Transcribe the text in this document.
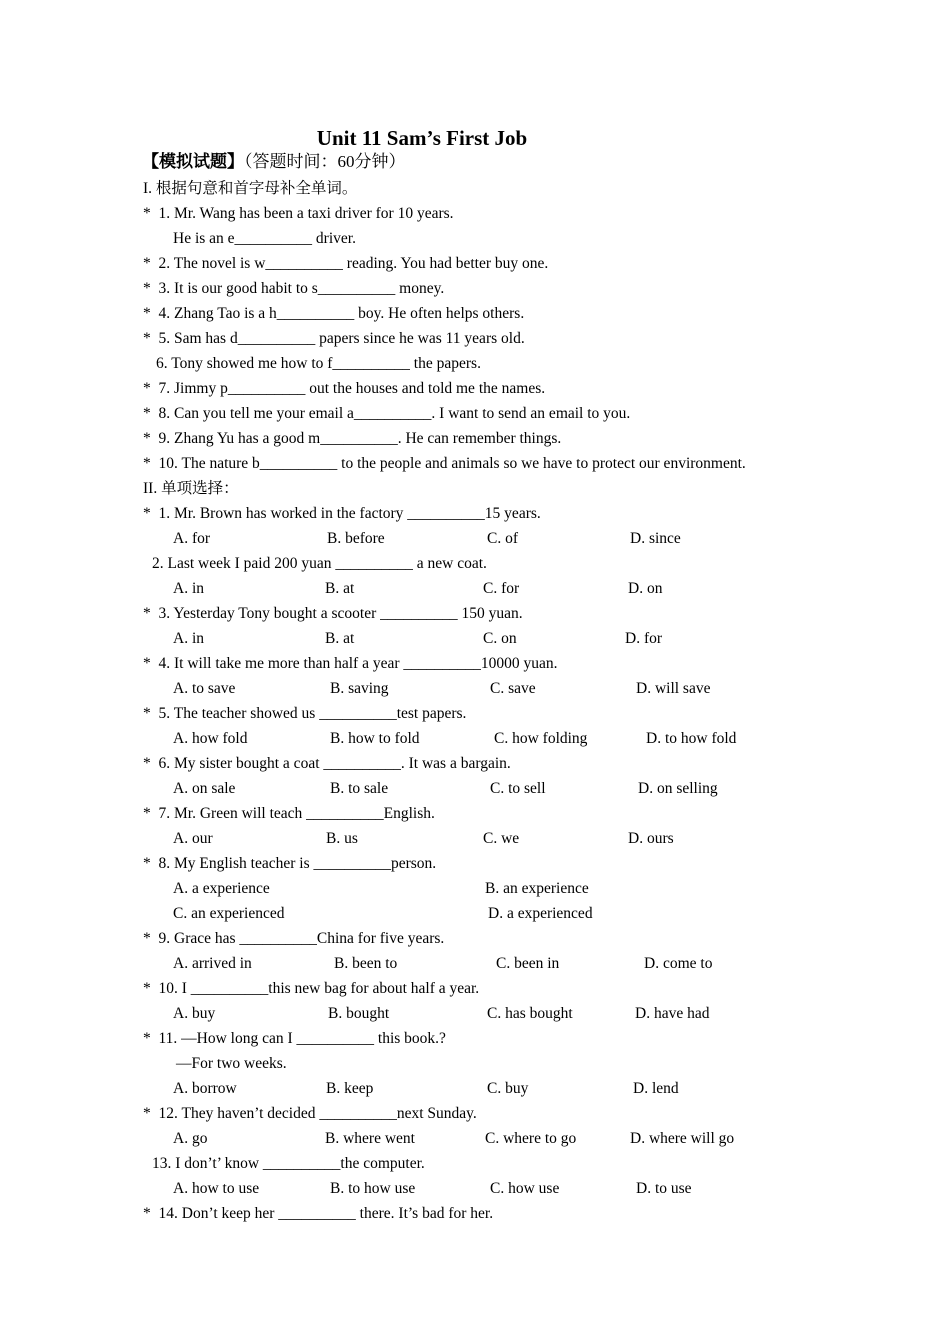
Unit 11 Sam’s First Job
【模拟试题】（答题时间：60分钟）
I. 根据句意和首字母补全单词。
*  1. Mr. Wang has been a taxi driver for 10 years.
He is an e__________ driver.
*  2. The novel is w__________ reading. You had better buy one.
*  3. It is our good habit to s__________ money.
*  4. Zhang Tao is a h__________ boy. He often helps others.
*  5. Sam has d__________ papers since he was 11 years old.
6. Tony showed me how to f__________ the papers.
*  7. Jimmy p__________ out the houses and told me the names.
*  8. Can you tell me your email a__________. I want to send an email to you.
*  9. Zhang Yu has a good m__________. He can remember things.
*  10. The nature b__________ to the people and animals so we have to protect our environment.
II. 单项选择：
*  1. Mr. Brown has worked in the factory __________15 years.
A. for	B. before	C. of	D. since
2. Last week I paid 200 yuan __________ a new coat.
A. in	B. at	C. for	D. on
*  3. Yesterday Tony bought a scooter __________ 150 yuan.
A. in	B. at	C. on	D. for
*  4. It will take me more than half a year __________10000 yuan.
A. to save	B. saving	C. save	D. will save
*  5. The teacher showed us __________test papers.
A. how fold	B. how to fold	C. how folding	D. to how fold
*  6. My sister bought a coat __________. It was a bargain.
A. on sale	B. to sale	C. to sell	D. on selling
*  7. Mr. Green will teach __________English.
A. our	B. us	C. we	D. ours
*  8. My English teacher is __________person.
A. a experience	B. an experience
C. an experienced	D. a experienced
*  9. Grace has __________China for five years.
A. arrived in	B. been to	C. been in	D. come to
*  10. I __________this new bag for about half a year.
A. buy	B. bought	C. has bought	D. have had
*  11. —How long can I __________ this book.?
—For two weeks.
A. borrow	B. keep	C. buy	D. lend
*  12. They haven’t decided __________next Sunday.
A. go	B. where went	C. where to go	D. where will go
13. I don’t’ know __________the computer.
A. how to use	B. to how use	C. how use	D. to use
*  14. Don’t keep her __________ there. It’s bad for her.
